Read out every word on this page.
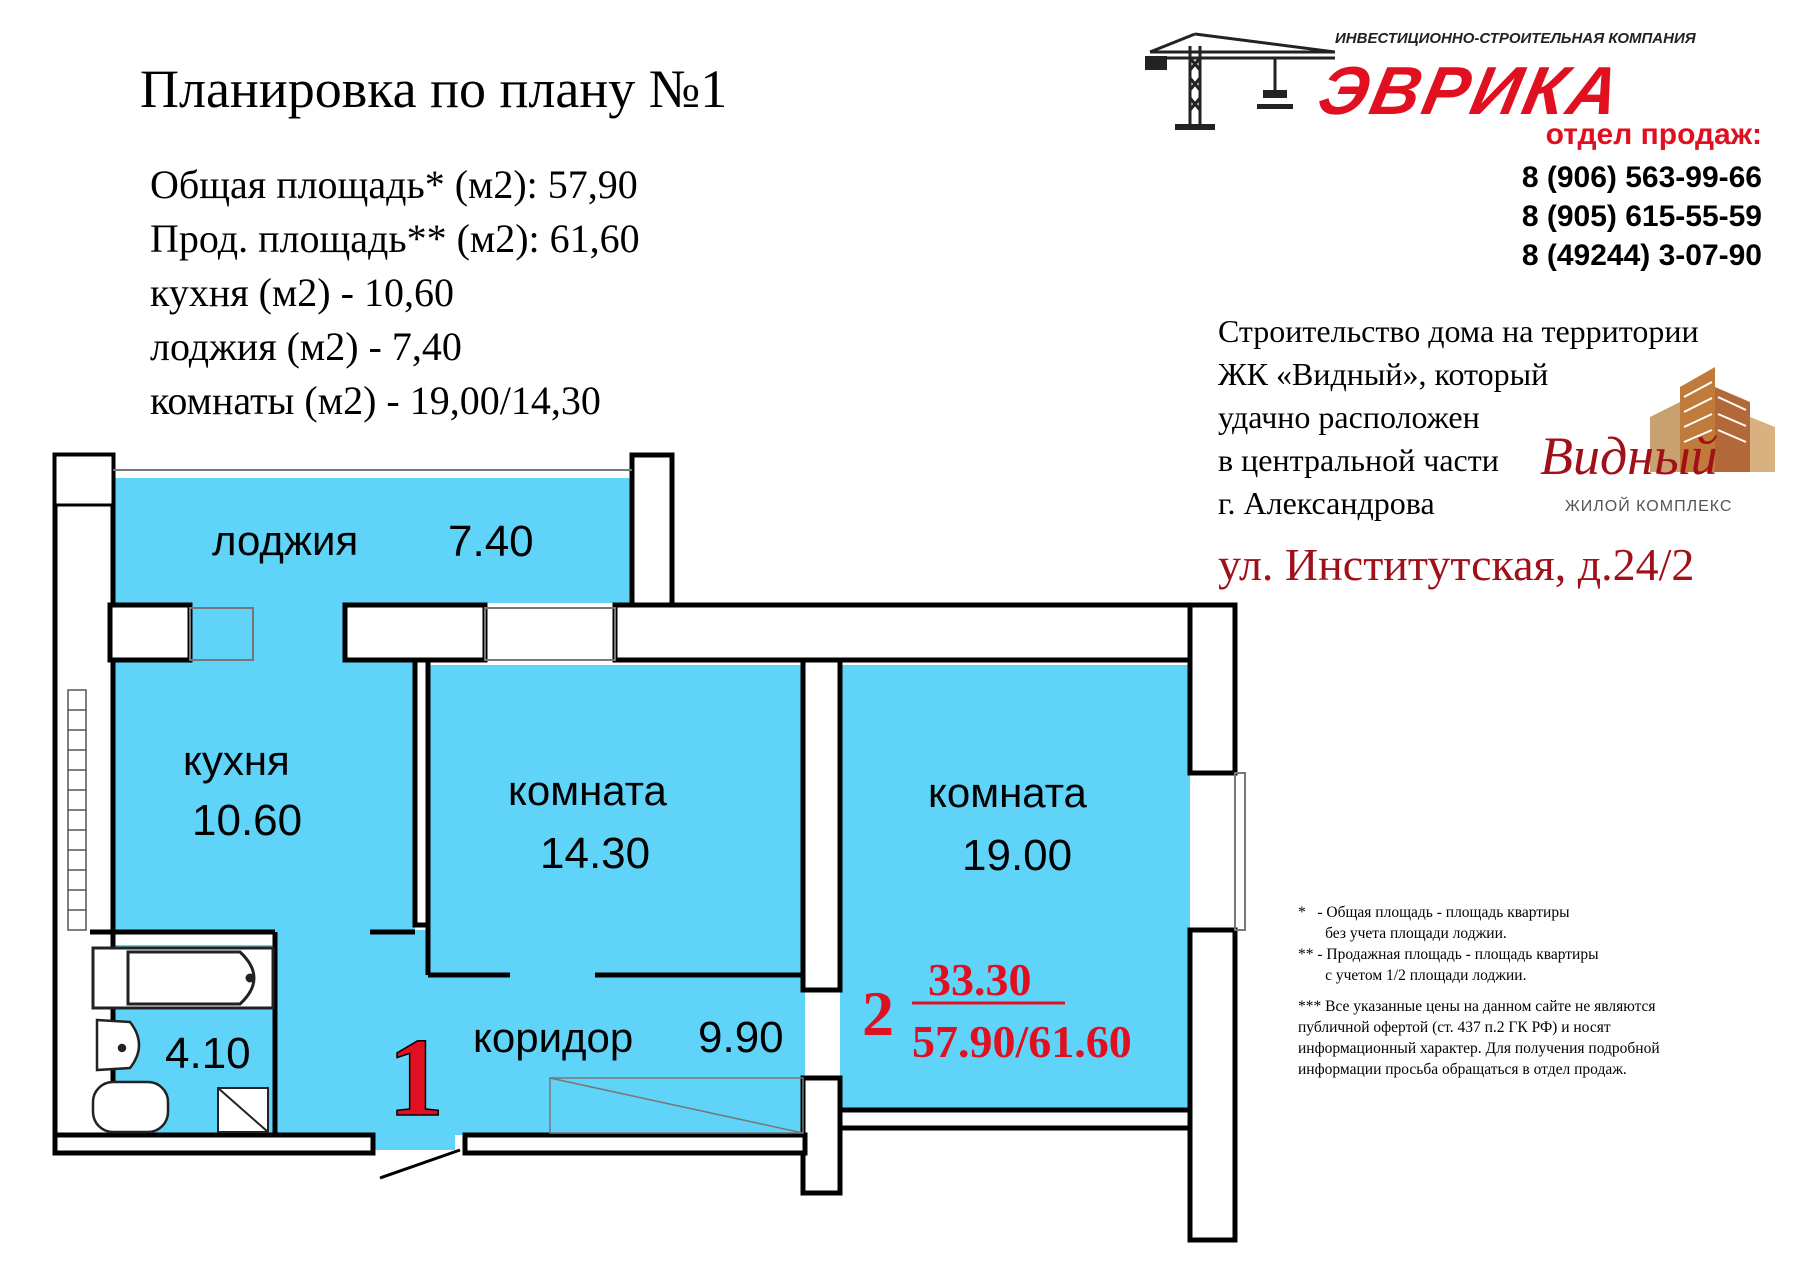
Планировка по плану №1
Общая площадь* (м2): 57,90
Прод. площадь** (м2): 61,60
кухня (м2) - 10,60
лоджия (м2) - 7,40
комнаты (м2) - 19,00/14,30
ИНВЕСТИЦИОННО-СТРОИТЕЛЬНАЯ КОМПАНИЯ
ЭВРИКА
отдел продаж:
8 (906) 563-99-66
8 (905) 615-55-59
8 (49244) 3-07-90
Строительство дома на территории
ЖК «Видный», который
удачно расположен
в центральной части
г. Александрова
Видный
ЖИЛОЙ КОМПЛЕКС
ул. Институтская, д.24/2
лоджия 7.40
кухня
10.60
комната
14.30
комната
19.00
4.10	коридор 9.90
1
2 33.30
57.90/61.60
*   - Общая площадь - площадь квартиры
без учета площади лоджии.
** - Продажная площадь - площадь квартиры
с учетом 1/2 площади лоджии.
*** Все указанные цены на данном сайте не являются
публичной офертой (ст. 437 п.2 ГК РФ) и носят
информационный характер. Для получения подробной
информации просьба обращаться в отдел продаж.
